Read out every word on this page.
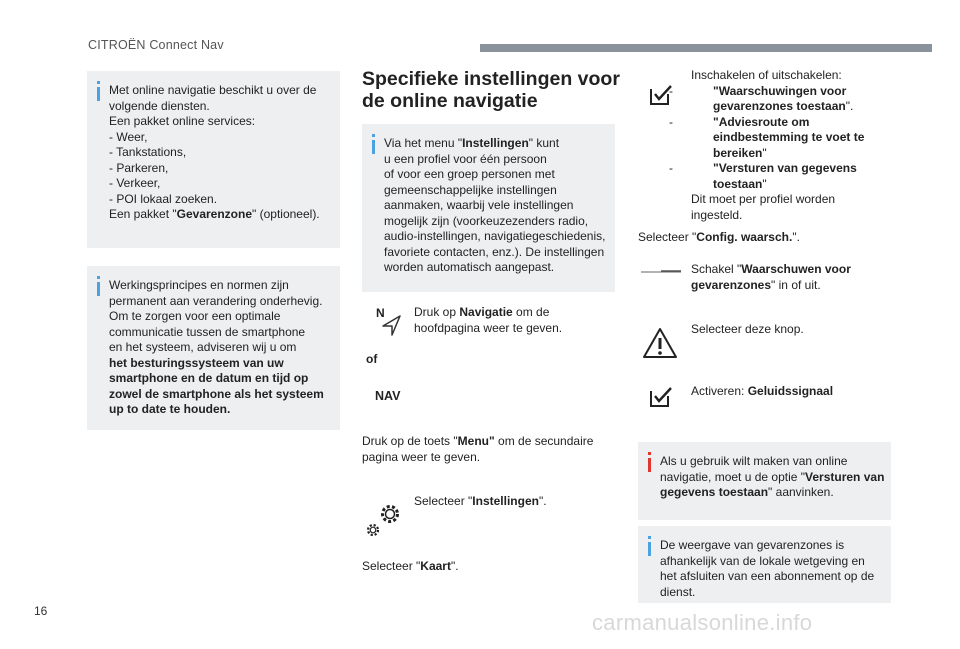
CITROËN Connect Nav
Met online navigatie beschikt u over de
volgende diensten.
Een pakket online services:
- Weer,
- Tankstations,
- Parkeren,
- Verkeer,
- POI lokaal zoeken.
Een pakket "Gevarenzone" (optioneel).
Werkingsprincipes en normen zijn
permanent aan verandering onderhevig.
Om te zorgen voor een optimale
communicatie tussen de smartphone
en het systeem, adviseren wij u om
het besturingssysteem van uw
smartphone en de datum en tijd op
zowel de smartphone als het systeem
up to date te houden.
Specifieke instellingen voor
de online navigatie
Via het menu "Instellingen" kunt
u een profiel voor één persoon
of voor een groep personen met
gemeenschappelijke instellingen
aanmaken, waarbij vele instellingen
mogelijk zijn (voorkeuzezenders radio,
audio-instellingen, navigatiegeschiedenis,
favoriete contacten, enz.). De instellingen
worden automatisch aangepast.
N
of
NAV
Druk op Navigatie om de
hoofdpagina weer te geven.
Druk op de toets "Menu" om de secundaire
pagina weer te geven.
Selecteer "Instellingen".
Selecteer "Kaart".
Inschakelen of uitschakelen:
-	"Waarschuwingen voor
gevarenzones toestaan".
-	"Adviesroute om
eindbestemming te voet te
bereiken"
-	"Versturen van gegevens
toestaan"
Dit moet per profiel worden
ingesteld.
Selecteer "Config. waarsch.".
Schakel "Waarschuwen voor
gevarenzones" in of uit.
Selecteer deze knop.
Activeren: Geluidssignaal
Als u gebruik wilt maken van online
navigatie, moet u de optie "Versturen van
gegevens toestaan" aanvinken.
De weergave van gevarenzones is
afhankelijk van de lokale wetgeving en
het afsluiten van een abonnement op de
dienst.
16	carmanualsonline.info
